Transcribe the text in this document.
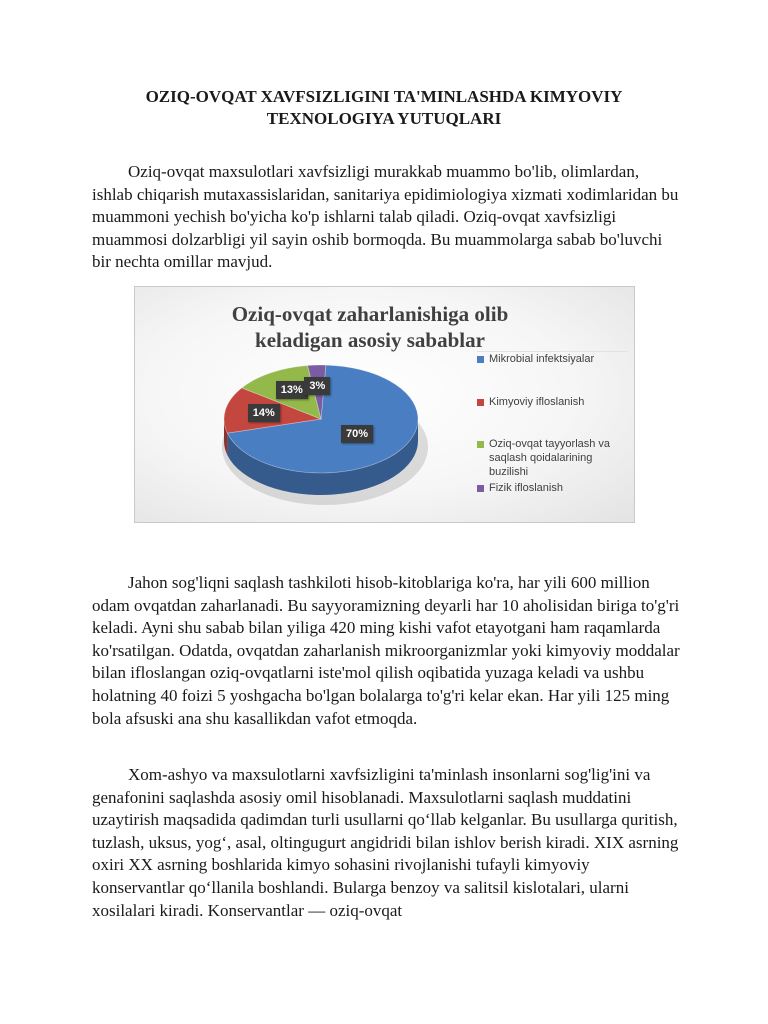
OZIQ-OVQAT XAVFSIZLIGINI TA'MINLASHDA KIMYOVIY TEXNOLOGIYA YUTUQLARI

Oziq-ovqat maxsulotlari xavfsizligi murakkab muammo bo'lib, olimlardan, ishlab chiqarish mutaxassislaridan, sanitariya epidimiologiya xizmati xodimlaridan bu muammoni yechish bo'yicha ko'p ishlarni talab qiladi. Oziq-ovqat xavfsizligi muammosi dolzarbligi yil sayin oshib bormoqda. Bu muammolarga sabab bo'luvchi bir nechta omillar mavjud.

Oziq-ovqat zaharlanishiga olib keladigan asosiy sabablar
Mikrobial infektsiyalar
Kimyoviy ifloslanish
Oziq-ovqat tayyorlash va saqlash qoidalarining buzilishi
Fizik ifloslanish
70%
14%
13% 3%

Jahon sog'liqni saqlash tashkiloti hisob-kitoblariga ko'ra, har yili 600 million odam ovqatdan zaharlanadi. Bu sayyoramizning deyarli har 10 aholisidan biriga to'g'ri keladi. Ayni shu sabab bilan yiliga 420 ming kishi vafot etayotgani ham raqamlarda ko'rsatilgan. Odatda, ovqatdan zaharlanish mikroorganizmlar yoki kimyoviy moddalar bilan ifloslangan oziq-ovqatlarni iste'mol qilish oqibatida yuzaga keladi va ushbu holatning 40 foizi 5 yoshgacha bo'lgan bolalarga to'g'ri kelar ekan. Har yili 125 ming bola afsuski ana shu kasallikdan vafot etmoqda.

Xom-ashyo va maxsulotlarni xavfsizligini ta'minlash insonlarni sog'lig'ini va genafonini saqlashda asosiy omil hisoblanadi. Maxsulotlarni saqlash muddatini uzaytirish maqsadida qadimdan turli usullarni qo‘llab kelganlar. Bu usullarga quritish, tuzlash, uksus, yog‘, asal, oltingugurt angidridi bilan ishlov berish kiradi. XIX asrning oxiri XX asrning boshlarida kimyo sohasini rivojlanishi tufayli kimyoviy konservantlar qo‘llanila boshlandi. Bularga benzoy va salitsil kislotalari, ularni xosilalari kiradi. Konservantlar — oziq-ovqat
